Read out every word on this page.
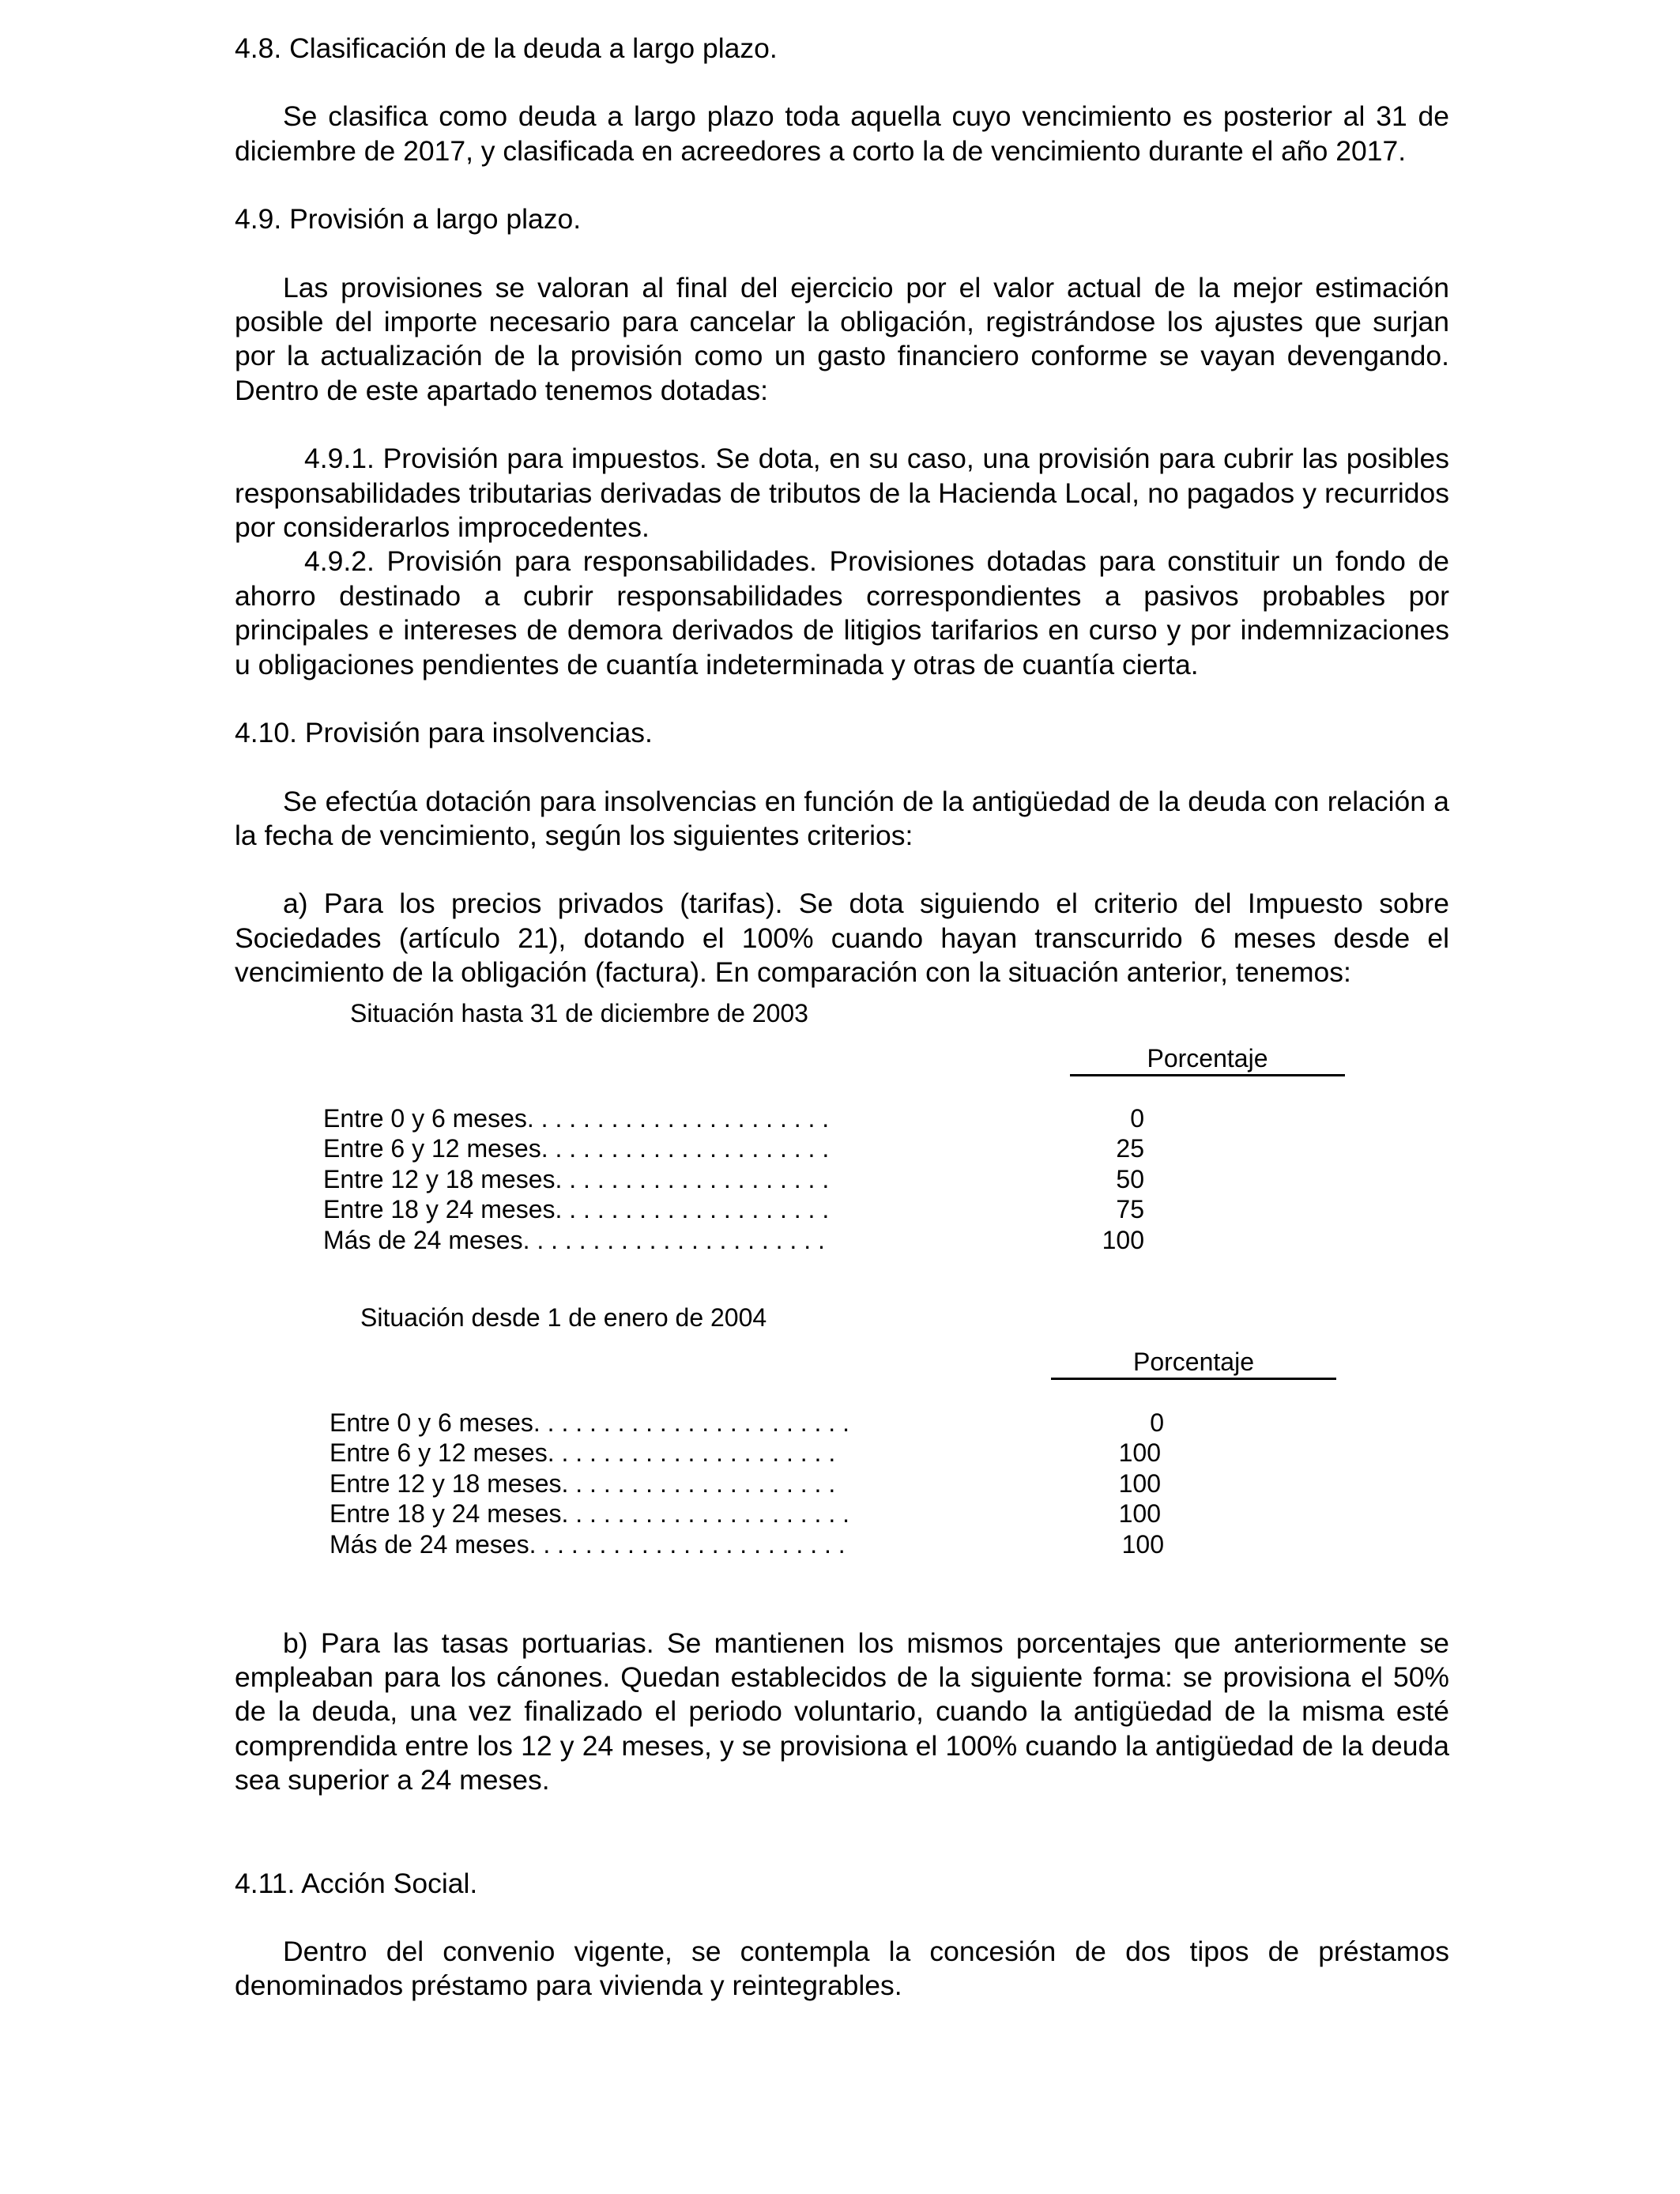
4.8. Clasificación de la deuda a largo plazo.

Se clasifica como deuda a largo plazo toda aquella cuyo vencimiento es posterior al 31 de diciembre de 2017, y clasificada en acreedores a corto la de vencimiento durante el año 2017.

4.9. Provisión a largo plazo.

Las provisiones se valoran al final del ejercicio por el valor actual de la mejor estimación posible del importe necesario para cancelar la obligación, registrándose los ajustes que surjan por la actualización de la provisión como un gasto financiero conforme se vayan devengando. Dentro de este apartado tenemos dotadas:

4.9.1. Provisión para impuestos. Se dota, en su caso, una provisión para cubrir las posibles responsabilidades tributarias derivadas de tributos de la Hacienda Local, no pagados y recurridos por considerarlos improcedentes.

4.9.2. Provisión para responsabilidades. Provisiones dotadas para constituir un fondo de ahorro destinado a cubrir responsabilidades correspondientes a pasivos probables por principales e intereses de demora derivados de litigios tarifarios en curso y por indemnizaciones u obligaciones pendientes de cuantía indeterminada y otras de cuantía cierta.

4.10. Provisión para insolvencias.

Se efectúa dotación para insolvencias en función de la antigüedad de la deuda con relación a la fecha de vencimiento, según los siguientes criterios:

a) Para los precios privados (tarifas). Se dota siguiendo el criterio del Impuesto sobre Sociedades (artículo 21), dotando el 100% cuando hayan transcurrido 6 meses desde el vencimiento de la obligación (factura). En comparación con la situación anterior, tenemos:

Situación hasta 31 de diciembre de 2003
Porcentaje
Entre 0 y 6 meses. . . . . . . . . . . . . . . . . . . . . .	0
Entre 6 y 12 meses. . . . . . . . . . . . . . . . . . . . .	25
Entre 12 y 18 meses. . . . . . . . . . . . . . . . . . . .	50
Entre 18 y 24 meses. . . . . . . . . . . . . . . . . . . .	75
Más de 24 meses. . . . . . . . . . . . . . . . . . . . . .	100
Situación desde 1 de enero de 2004
Porcentaje
Entre 0 y 6 meses. . . . . . . . . . . . . . . . . . . . . . .	0
Entre 6 y 12 meses. . . . . . . . . . . . . . . . . . . . .	100
Entre 12 y 18 meses. . . . . . . . . . . . . . . . . . . .	100
Entre 18 y 24 meses. . . . . . . . . . . . . . . . . . . . .	100
Más de 24 meses. . . . . . . . . . . . . . . . . . . . . . .	100

b) Para las tasas portuarias. Se mantienen los mismos porcentajes que anteriormente se empleaban para los cánones. Quedan establecidos de la siguiente forma: se provisiona el 50% de la deuda, una vez finalizado el periodo voluntario, cuando la antigüedad de la misma esté comprendida entre los 12 y 24 meses, y se provisiona el 100% cuando la antigüedad de la deuda sea superior a 24 meses.

4.11. Acción Social.

Dentro del convenio vigente, se contempla la concesión de dos tipos de préstamos denominados préstamo para vivienda y reintegrables.
